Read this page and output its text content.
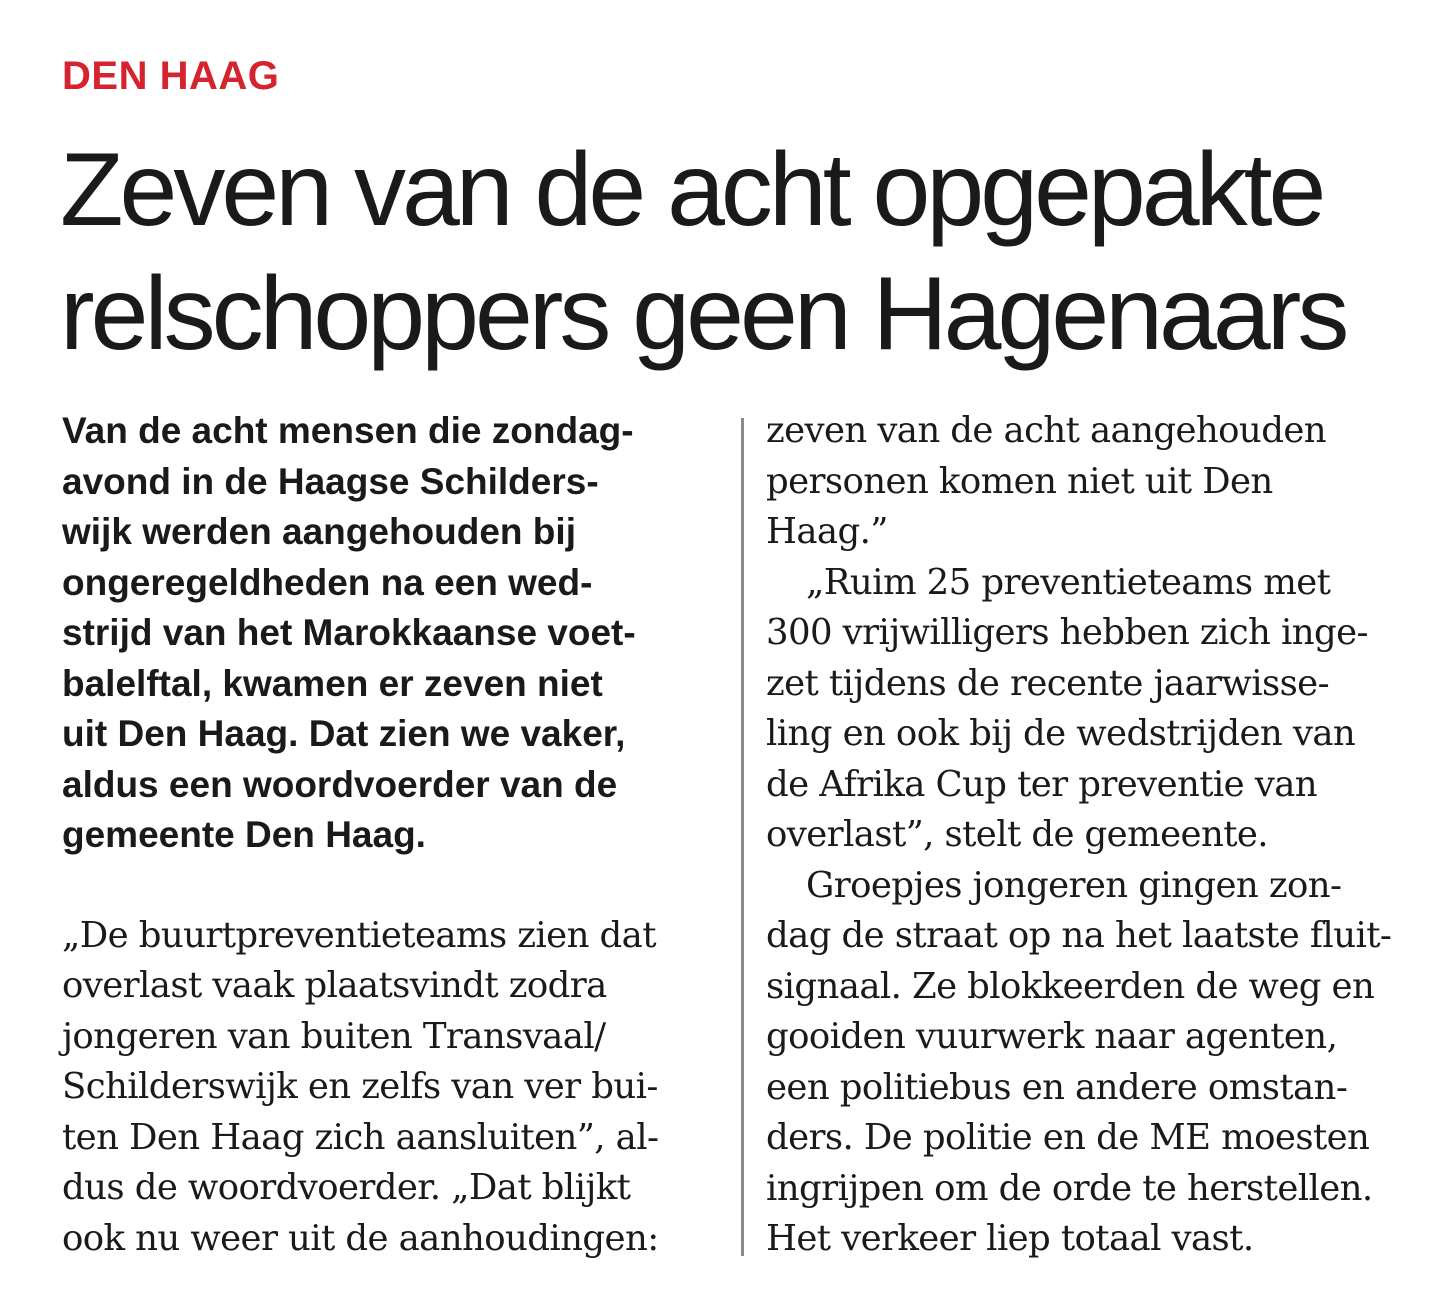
DEN HAAG
Zeven van de acht opgepakte
relschoppers geen Hagenaars

Van de acht mensen die zondag-
avond in de Haagse Schilders-
wijk werden aangehouden bij
ongeregeldheden na een wed-
strijd van het Marokkaanse voet-
balelftal, kwamen er zeven niet
uit Den Haag. Dat zien we vaker,
aldus een woordvoerder van de
gemeente Den Haag.

„De buurtpreventieteams zien dat
overlast vaak plaatsvindt zodra
jongeren van buiten Transvaal/
Schilderswijk en zelfs van ver bui-
ten Den Haag zich aansluiten”, al-
dus de woordvoerder. „Dat blijkt
ook nu weer uit de aanhoudingen:

zeven van de acht aangehouden
personen komen niet uit Den
Haag.”

„Ruim 25 preventieteams met
300 vrijwilligers hebben zich inge-
zet tijdens de recente jaarwisse-
ling en ook bij de wedstrijden van
de Afrika Cup ter preventie van
overlast”, stelt de gemeente.

Groepjes jongeren gingen zon-
dag de straat op na het laatste fluit-
signaal. Ze blokkeerden de weg en
gooiden vuurwerk naar agenten,
een politiebus en andere omstan-
ders. De politie en de ME moesten
ingrijpen om de orde te herstellen.
Het verkeer liep totaal vast.
